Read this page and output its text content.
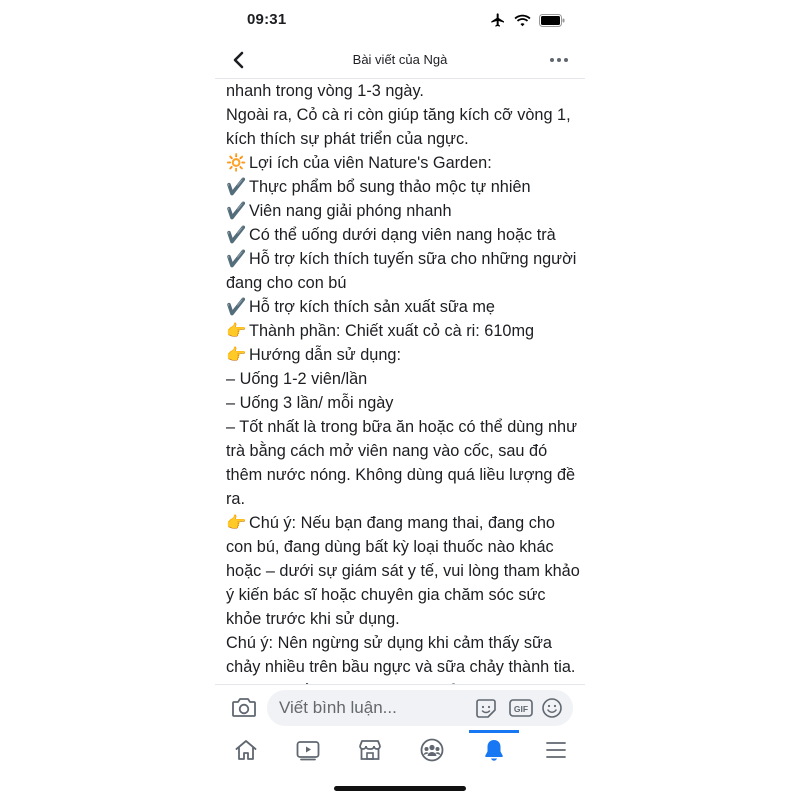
09:31
Bài viết của Ngà
nhanh trong vòng 1-3 ngày.
Ngoài ra, Cỏ cà ri còn giúp tăng kích cỡ vòng 1,
kích thích sự phát triển của ngực.
🔆 Lợi ích của viên Nature's Garden:
✔️ Thực phẩm bổ sung thảo mộc tự nhiên
✔️ Viên nang giải phóng nhanh
✔️ Có thể uống dưới dạng viên nang hoặc trà
✔️ Hỗ trợ kích thích tuyến sữa cho những người
đang cho con bú
✔️ Hỗ trợ kích thích sản xuất sữa mẹ
👉 Thành phần: Chiết xuất cỏ cà ri: 610mg
👉 Hướng dẫn sử dụng:
– Uống 1-2 viên/lần
– Uống 3 lần/ mỗi ngày
– Tốt nhất là trong bữa ăn hoặc có thể dùng như
trà bằng cách mở viên nang vào cốc, sau đó
thêm nước nóng. Không dùng quá liều lượng đề
ra.
👉 Chú ý: Nếu bạn đang mang thai, đang cho
con bú, đang dùng bất kỳ loại thuốc nào khác
hoặc – dưới sự giám sát y tế, vui lòng tham khảo
ý kiến bác sĩ hoặc chuyên gia chăm sóc sức
khỏe trước khi sử dụng.
Chú ý: Nên ngừng sử dụng khi cảm thấy sữa
chảy nhiều trên bầu ngực và sữa chảy thành tia.
Viết bình luận...
GIF
